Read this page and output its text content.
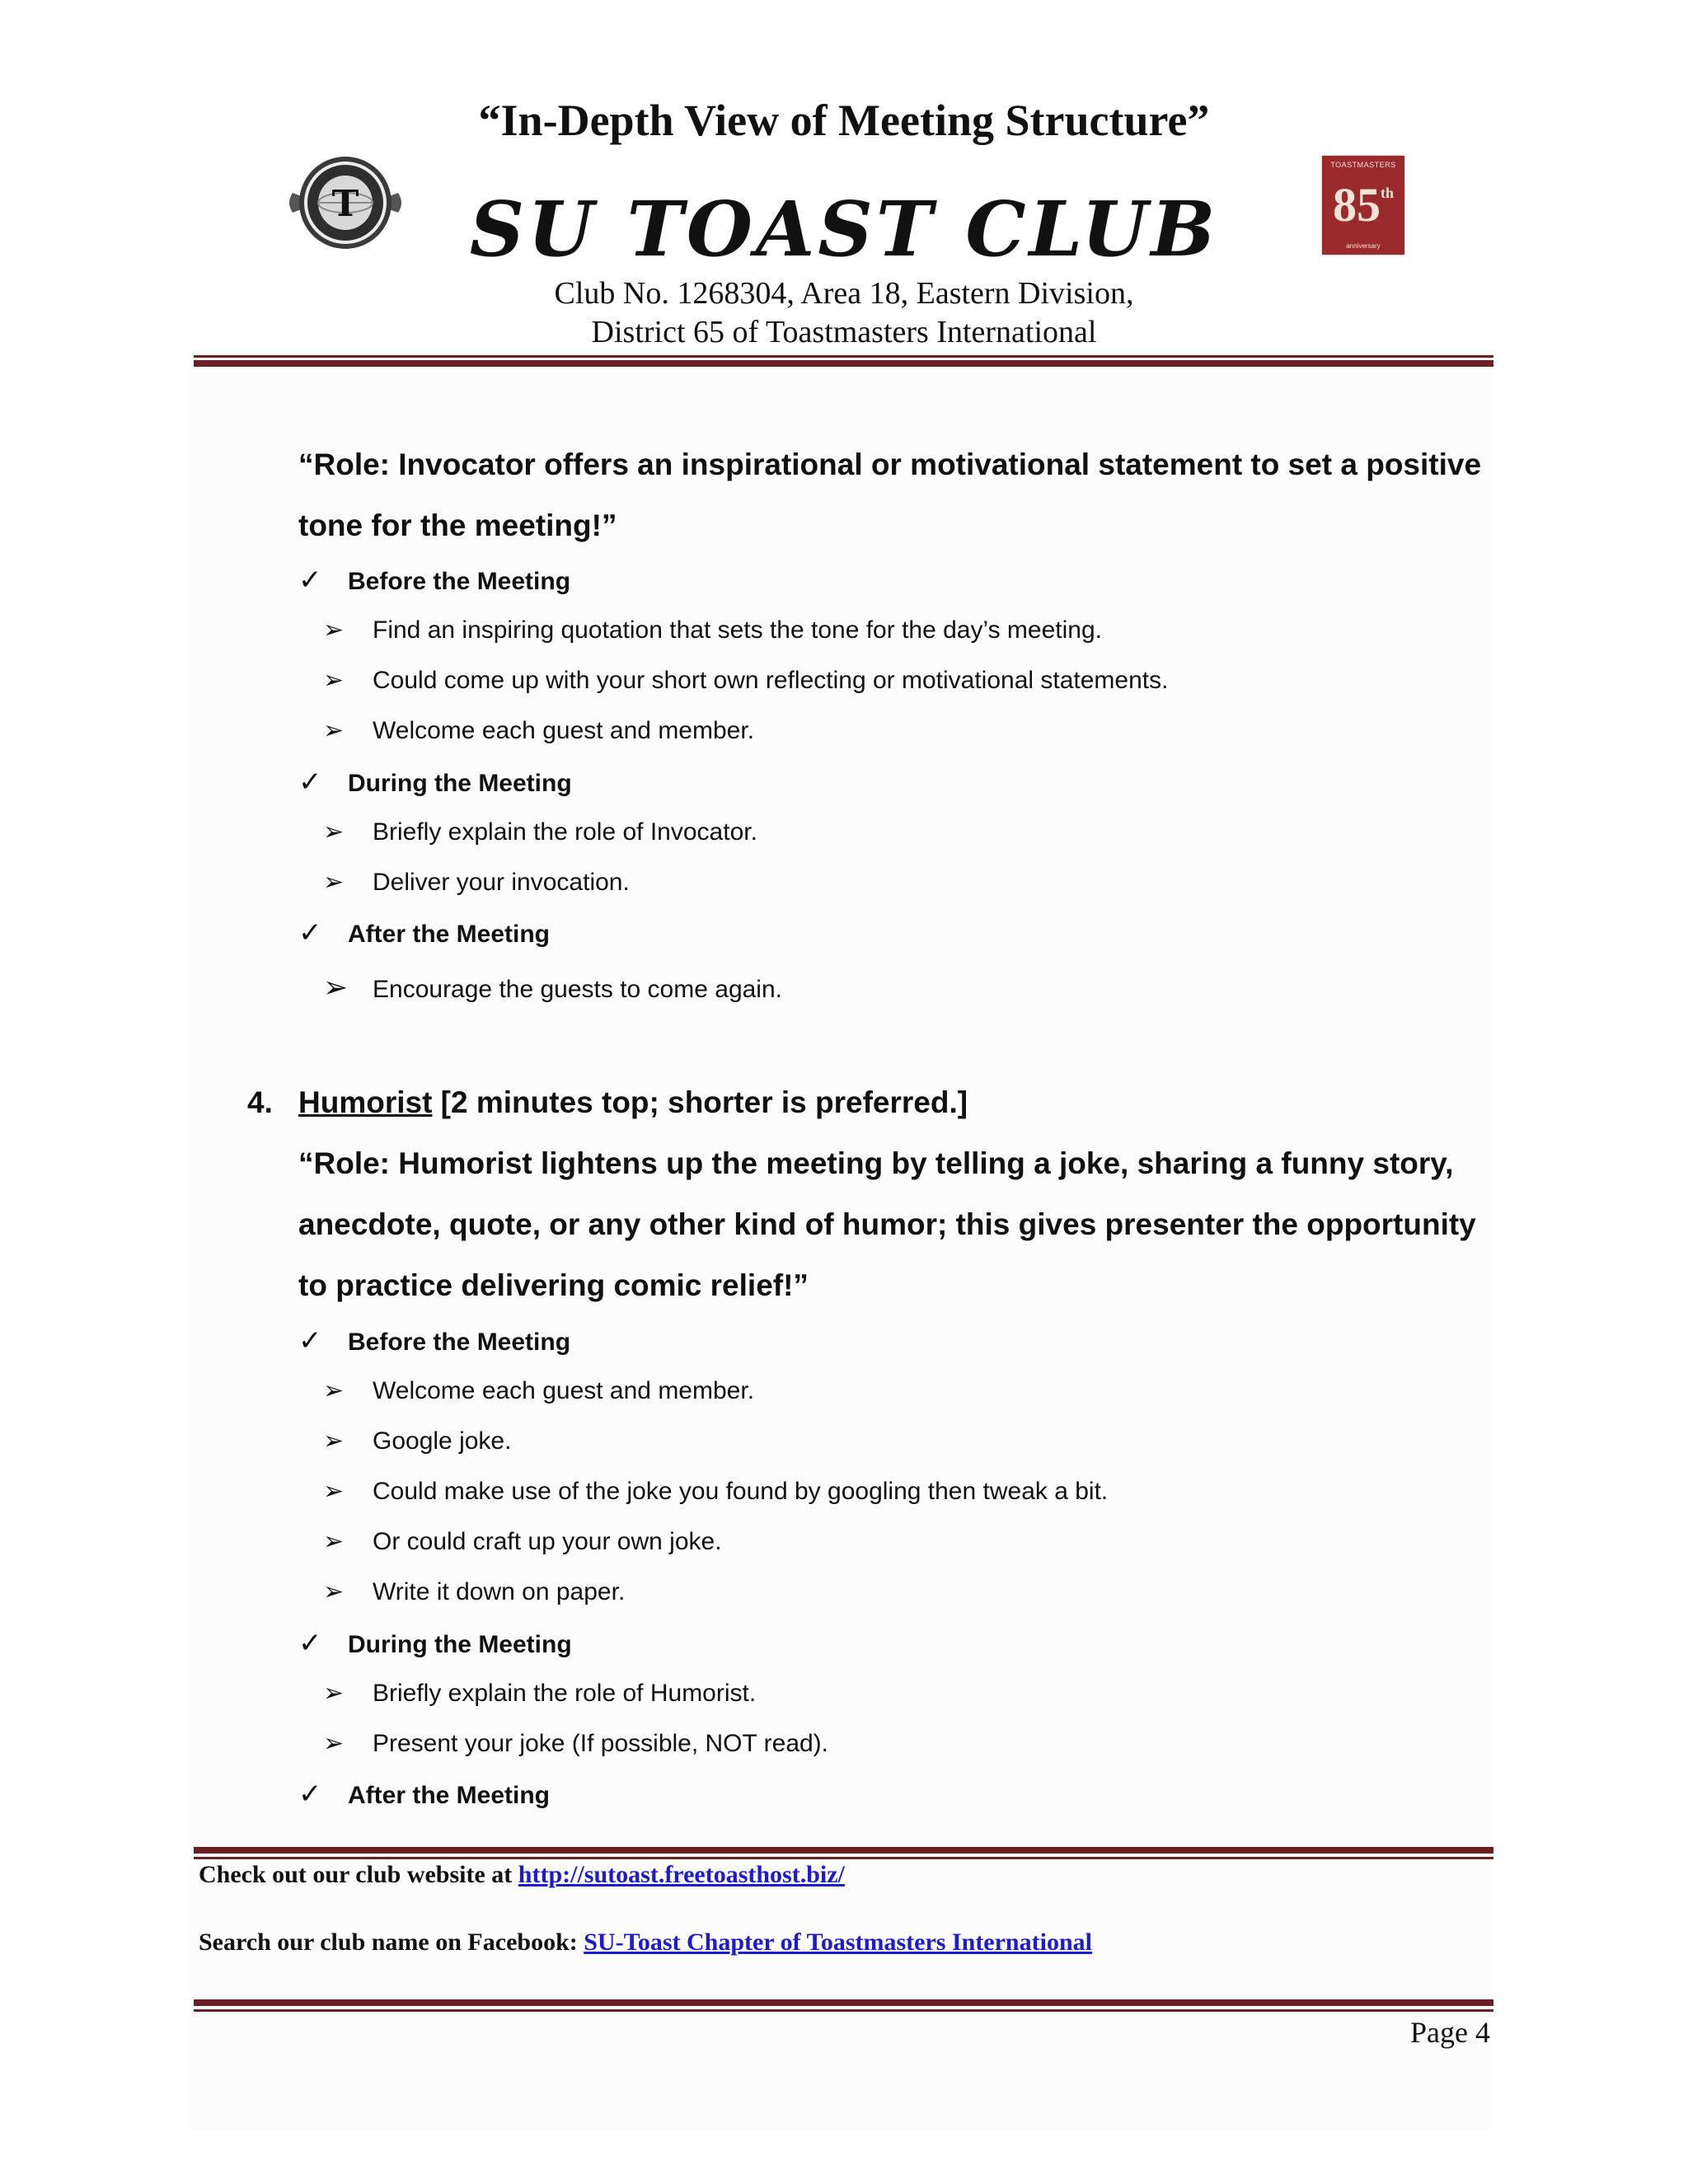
“In-Depth View of Meeting Structure”
T
TOASTMASTERS
85th
anniversary
SU TOAST CLUB
Club No. 1268304, Area 18, Eastern Division,
District 65 of Toastmasters International
“Role: Invocator offers an inspirational or motivational statement to set a positive tone for the meeting!”
✓ Before the Meeting
➢ Find an inspiring quotation that sets the tone for the day’s meeting.
➢ Could come up with your short own reflecting or motivational statements.
➢ Welcome each guest and member.
✓ During the Meeting
➢ Briefly explain the role of Invocator.
➢ Deliver your invocation.
✓ After the Meeting
➢ Encourage the guests to come again.
4. Humorist [2 minutes top; shorter is preferred.]
“Role: Humorist lightens up the meeting by telling a joke, sharing a funny story, anecdote, quote, or any other kind of humor; this gives presenter the opportunity to practice delivering comic relief!”
✓ Before the Meeting
➢ Welcome each guest and member.
➢ Google joke.
➢ Could make use of the joke you found by googling then tweak a bit.
➢ Or could craft up your own joke.
➢ Write it down on paper.
✓ During the Meeting
➢ Briefly explain the role of Humorist.
➢ Present your joke (If possible, NOT read).
✓ After the Meeting
Check out our club website at http://sutoast.freetoasthost.biz/
Search our club name on Facebook: SU-Toast Chapter of Toastmasters International
Page 4
